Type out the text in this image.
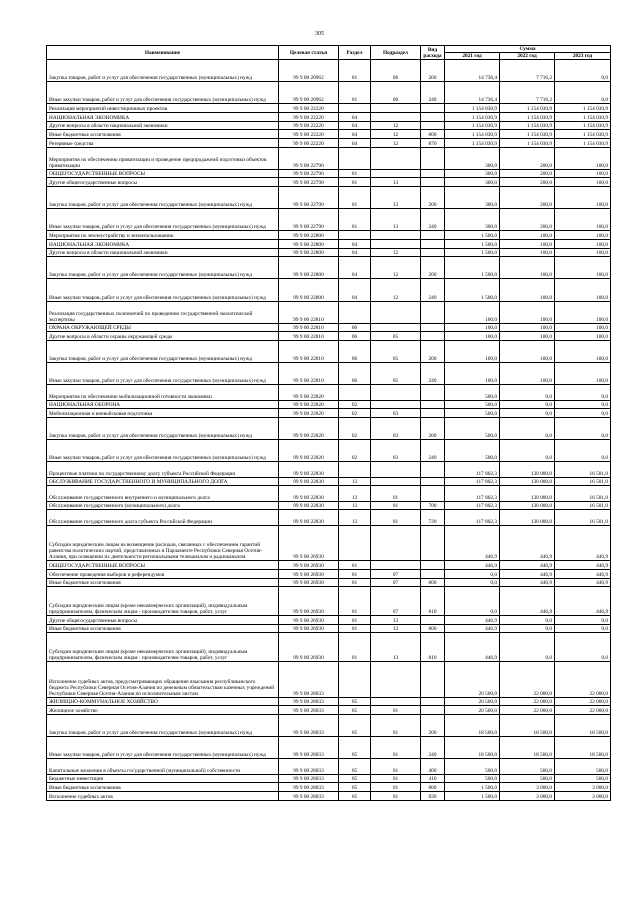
305
Наименование	Целевая статья	Раздел	Подраздел	Вид расхода	Сумма		
					2021 год	2022 год	2023 год
Закупка товаров, работ и услуг для обеспечения государственных (муниципальных) нужд	99 9 00 20962	01	06	200	14 736,4	7 716,2	0,0
Иные закупки товаров, работ и услуг для обеспечения государственных (муниципальных) нужд	99 9 00 20962	01	06	240	14 736,4	7 716,2	0,0
Реализация мероприятий инвестиционных проектов	99 9 00 22220				1 154 030,9	1 154 030,9	1 154 030,9
НАЦИОНАЛЬНАЯ ЭКОНОМИКА	99 9 00 22220	04			1 154 030,9	1 154 030,9	1 154 030,9
Другие вопросы в области национальной экономики	99 9 00 22220	04	12		1 154 030,9	1 154 030,9	1 154 030,9
Иные бюджетные ассигнования	99 9 00 22220	04	12	800	1 154 030,9	1 154 030,9	1 154 030,9
Резервные средства	99 9 00 22220	04	12	870	1 154 030,9	1 154 030,9	1 154 030,9
Мероприятия по обеспечению приватизации и проведение предпродажной подготовки объектов приватизации	99 9 00 22790				300,0	200,0	100,0
ОБЩЕГОСУДАРСТВЕННЫЕ ВОПРОСЫ	99 9 00 22790	01			300,0	200,0	100,0
Другие общегосударственные вопросы	99 9 00 22790	01	13		300,0	200,0	100,0
Закупка товаров, работ и услуг для обеспечения государственных (муниципальных) нужд	99 9 00 22790	01	13	200	300,0	200,0	100,0
Иные закупки товаров, работ и услуг для обеспечения государственных (муниципальных) нужд	99 9 00 22790	01	13	240	300,0	200,0	100,0
Мероприятия по землеустройству и землепользованию	99 9 00 22800				1 500,0	100,0	100,0
НАЦИОНАЛЬНАЯ ЭКОНОМИКА	99 9 00 22800	04			1 500,0	100,0	100,0
Другие вопросы в области национальной экономики	99 9 00 22800	04	12		1 500,0	100,0	100,0
Закупка товаров, работ и услуг для обеспечения государственных (муниципальных) нужд	99 9 00 22800	04	12	200	1 500,0	100,0	100,0
Иные закупки товаров, работ и услуг для обеспечения государственных (муниципальных) нужд	99 9 00 22800	04	12	240	1 500,0	100,0	100,0
Реализация государственных полномочий по проведению государственной экологической экспертизы	99 9 00 22810				100,0	100,0	100,0
ОХРАНА ОКРУЖАЮЩЕЙ СРЕДЫ	99 9 00 22810	06			100,0	100,0	100,0
Другие вопросы в области охраны окружающей среды	99 9 00 22810	06	05		100,0	100,0	100,0
Закупка товаров, работ и услуг для обеспечения государственных (муниципальных) нужд	99 9 00 22810	06	05	200	100,0	100,0	100,0
Иные закупки товаров, работ и услуг для обеспечения государственных (муниципальных) нужд	99 9 00 22810	06	05	240	100,0	100,0	100,0
Мероприятия по обеспечению мобилизационной готовности экономики	99 9 00 22820				500,0	0,0	0,0
НАЦИОНАЛЬНАЯ ОБОРОНА	99 9 00 22820	02			500,0	0,0	0,0
Мобилизационная и вневойсковая подготовка	99 9 00 22820	02	03		500,0	0,0	0,0
Закупка товаров, работ и услуг для обеспечения государственных (муниципальных) нужд	99 9 00 22820	02	03	200	500,0	0,0	0,0
Иные закупки товаров, работ и услуг для обеспечения государственных (муниципальных) нужд	99 9 00 22820	02	03	240	500,0	0,0	0,0
Процентные платежи по государственному долгу субъекта Российской Федерации	99 9 00 22830				117 802,3	130 000,0	16 501,0
ОБСЛУЖИВАНИЕ ГОСУДАРСТВЕННОГО И МУНИЦИПАЛЬНОГО ДОЛГА	99 9 00 22830	13			117 802,3	130 000,0	16 501,0
Обслуживание государственного внутреннего и муниципального долга	99 9 00 22830	13	01		117 802,3	130 000,0	16 501,0
Обслуживание государственного (муниципального) долга	99 9 00 22830	13	01	700	117 802,3	130 000,0	16 501,0
Обслуживание государственного долга субъекта Российской Федерации	99 9 00 22830	13	01	720	117 802,3	130 000,0	16 501,0
Субсидии юридическим лицам на возмещение расходов, связанных с обеспечением гарантий равенства политических партий, представленных в Парламенте Республики Северная Осетия-Алания, при освещении их деятельности региональными телеканалом и радиоканалом	99 9 00 26930				446,9	446,9	446,9
ОБЩЕГОСУДАРСТВЕННЫЕ ВОПРОСЫ	99 9 00 26930	01			446,9	446,9	446,9
Обеспечение проведения выборов и референдумов	99 9 00 26930	01	07		0,0	446,9	446,9
Иные бюджетные ассигнования	99 9 00 26930	01	07	800	0,0	446,9	446,9
Субсидии юридическим лицам (кроме некоммерческих организаций), индивидуальным предпринимателям, физическим лицам - производителям товаров, работ, услуг	99 9 00 26930	01	07	810	0,0	446,9	446,9
Другие общегосударственные вопросы	99 9 00 26930	01	13		446,9	0,0	0,0
Иные бюджетные ассигнования	99 9 00 26930	01	13	800	446,9	0,0	0,0
Субсидии юридическим лицам (кроме некоммерческих организаций), индивидуальным предпринимателям, физическим лицам - производителям товаров, работ, услуг	99 9 00 26930	01	13	810	446,9	0,0	0,0
Исполнение судебных актов, предусматривающих обращение взыскания республиканского бюджета Республики Северная Осетия-Алания по денежным обязательствам казенных учреждений Республики Северная Осетия-Алания по исполнительным листам	99 9 00 28033				20 500,0	22 000,0	22 000,0
ЖИЛИЩНО-КОММУНАЛЬНОЕ ХОЗЯЙСТВО	99 9 00 28033	05			20 500,0	22 000,0	22 000,0
Жилищное хозяйство	99 9 00 28033	05	01		20 500,0	22 000,0	22 000,0
Закупка товаров, работ и услуг для обеспечения государственных (муниципальных) нужд	99 9 00 28033	05	01	200	18 500,0	18 500,0	18 500,0
Иные закупки товаров, работ и услуг для обеспечения государственных (муниципальных) нужд	99 9 00 28033	05	01	240	18 500,0	18 500,0	18 500,0
Капитальные вложения в объекты государственной (муниципальной) собственности	99 9 00 28033	05	01	400	500,0	500,0	500,0
Бюджетные инвестиции	99 9 00 28033	05	01	410	500,0	500,0	500,0
Иные бюджетные ассигнования	99 9 00 28033	05	01	800	1 500,0	3 000,0	3 000,0
Исполнение судебных актов	99 9 00 28033	05	01	830	1 500,0	3 000,0	3 000,0
